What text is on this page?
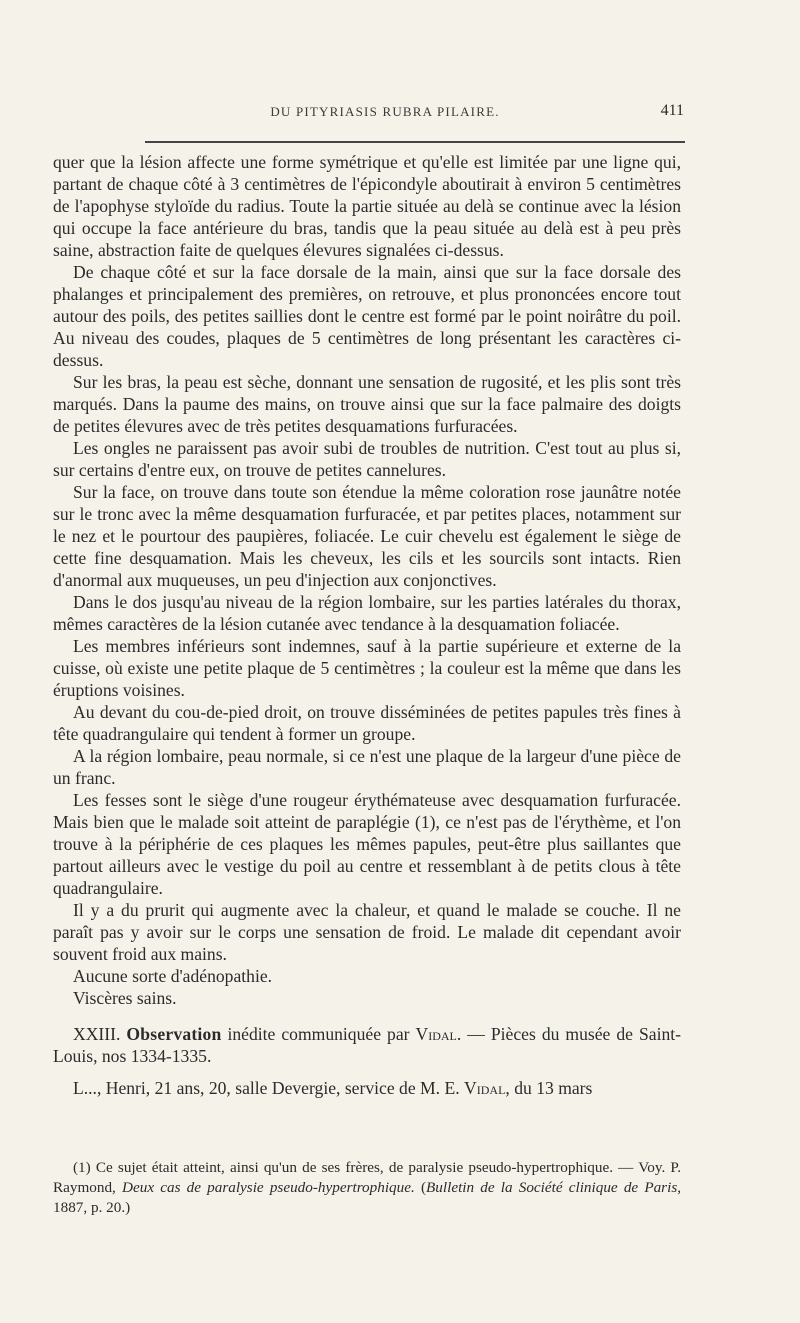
DU PITYRIASIS RUBRA PILAIRE.	411

quer que la lésion affecte une forme symétrique et qu'elle est limitée par une ligne qui, partant de chaque côté à 3 centimètres de l'épicondyle aboutirait à environ 5 centimètres de l'apophyse styloïde du radius. Toute la partie située au delà se continue avec la lésion qui occupe la face antérieure du bras, tandis que la peau située au delà est à peu près saine, abstraction faite de quelques élevures signalées ci-dessus.

De chaque côté et sur la face dorsale de la main, ainsi que sur la face dorsale des phalanges et principalement des premières, on retrouve, et plus prononcées encore tout autour des poils, des petites saillies dont le centre est formé par le point noirâtre du poil. Au niveau des coudes, plaques de 5 centimètres de long présentant les caractères ci-dessus.

Sur les bras, la peau est sèche, donnant une sensation de rugosité, et les plis sont très marqués. Dans la paume des mains, on trouve ainsi que sur la face palmaire des doigts de petites élevures avec de très petites desquamations furfuracées.

Les ongles ne paraissent pas avoir subi de troubles de nutrition. C'est tout au plus si, sur certains d'entre eux, on trouve de petites cannelures.

Sur la face, on trouve dans toute son étendue la même coloration rose jaunâtre notée sur le tronc avec la même desquamation furfuracée, et par petites places, notamment sur le nez et le pourtour des paupières, foliacée. Le cuir chevelu est également le siège de cette fine desquamation. Mais les cheveux, les cils et les sourcils sont intacts. Rien d'anormal aux muqueuses, un peu d'injection aux conjonctives.

Dans le dos jusqu'au niveau de la région lombaire, sur les parties latérales du thorax, mêmes caractères de la lésion cutanée avec tendance à la desquamation foliacée.

Les membres inférieurs sont indemnes, sauf à la partie supérieure et externe de la cuisse, où existe une petite plaque de 5 centimètres ; la couleur est la même que dans les éruptions voisines.

Au devant du cou-de-pied droit, on trouve disséminées de petites papules très fines à tête quadrangulaire qui tendent à former un groupe.

A la région lombaire, peau normale, si ce n'est une plaque de la largeur d'une pièce de un franc.

Les fesses sont le siège d'une rougeur érythémateuse avec desquamation furfuracée. Mais bien que le malade soit atteint de paraplégie (1), ce n'est pas de l'érythème, et l'on trouve à la périphérie de ces plaques les mêmes papules, peut-être plus saillantes que partout ailleurs avec le vestige du poil au centre et ressemblant à de petits clous à tête quadrangulaire.

Il y a du prurit qui augmente avec la chaleur, et quand le malade se couche. Il ne paraît pas y avoir sur le corps une sensation de froid. Le malade dit cependant avoir souvent froid aux mains.

Aucune sorte d'adénopathie.

Viscères sains.

XXIII. Observation inédite communiquée par Vidal. — Pièces du musée de Saint-Louis, nos 1334-1335.

L..., Henri, 21 ans, 20, salle Devergie, service de M. E. Vidal, du 13 mars

(1) Ce sujet était atteint, ainsi qu'un de ses frères, de paralysie pseudo-hypertrophique. — Voy. P. Raymond, Deux cas de paralysie pseudo-hypertrophique. (Bulletin de la Société clinique de Paris, 1887, p. 20.)
